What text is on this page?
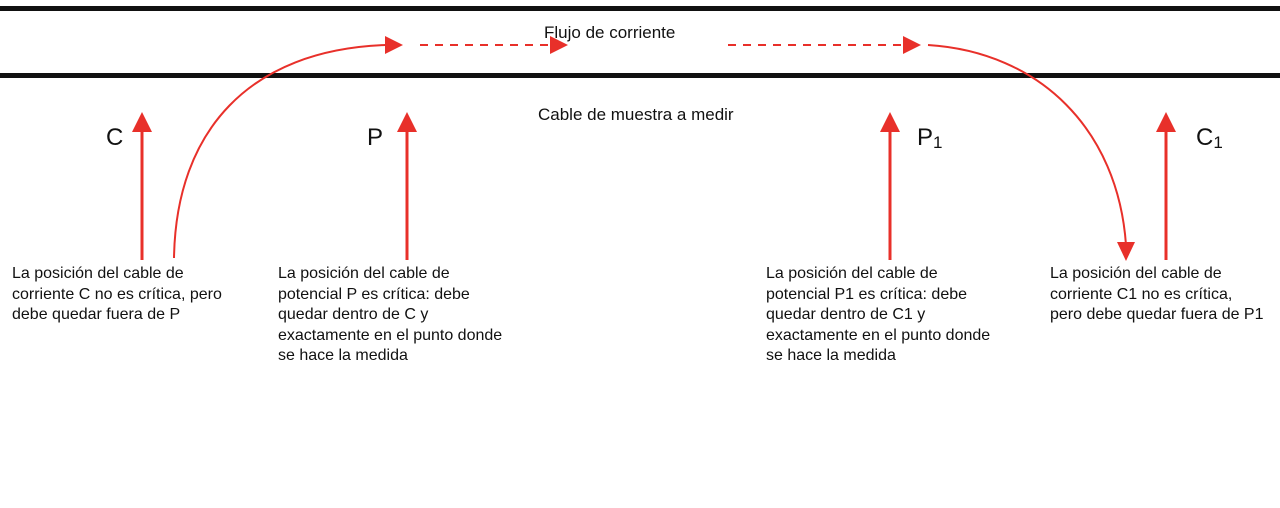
Flujo de corriente
Cable de muestra a medir
C	P	$P_1$	$C_1$
La posición del cable de
corriente C no es crítica, pero
debe quedar fuera de P
La posición del cable de
potencial P es crítica: debe
quedar dentro de C y
exactamente en el punto donde
se hace la medida
La posición del cable de
potencial P1 es crítica: debe
quedar dentro de C1 y
exactamente en el punto donde
se hace la medida
La posición del cable de
corriente C1 no es crítica,
pero debe quedar fuera de P1
